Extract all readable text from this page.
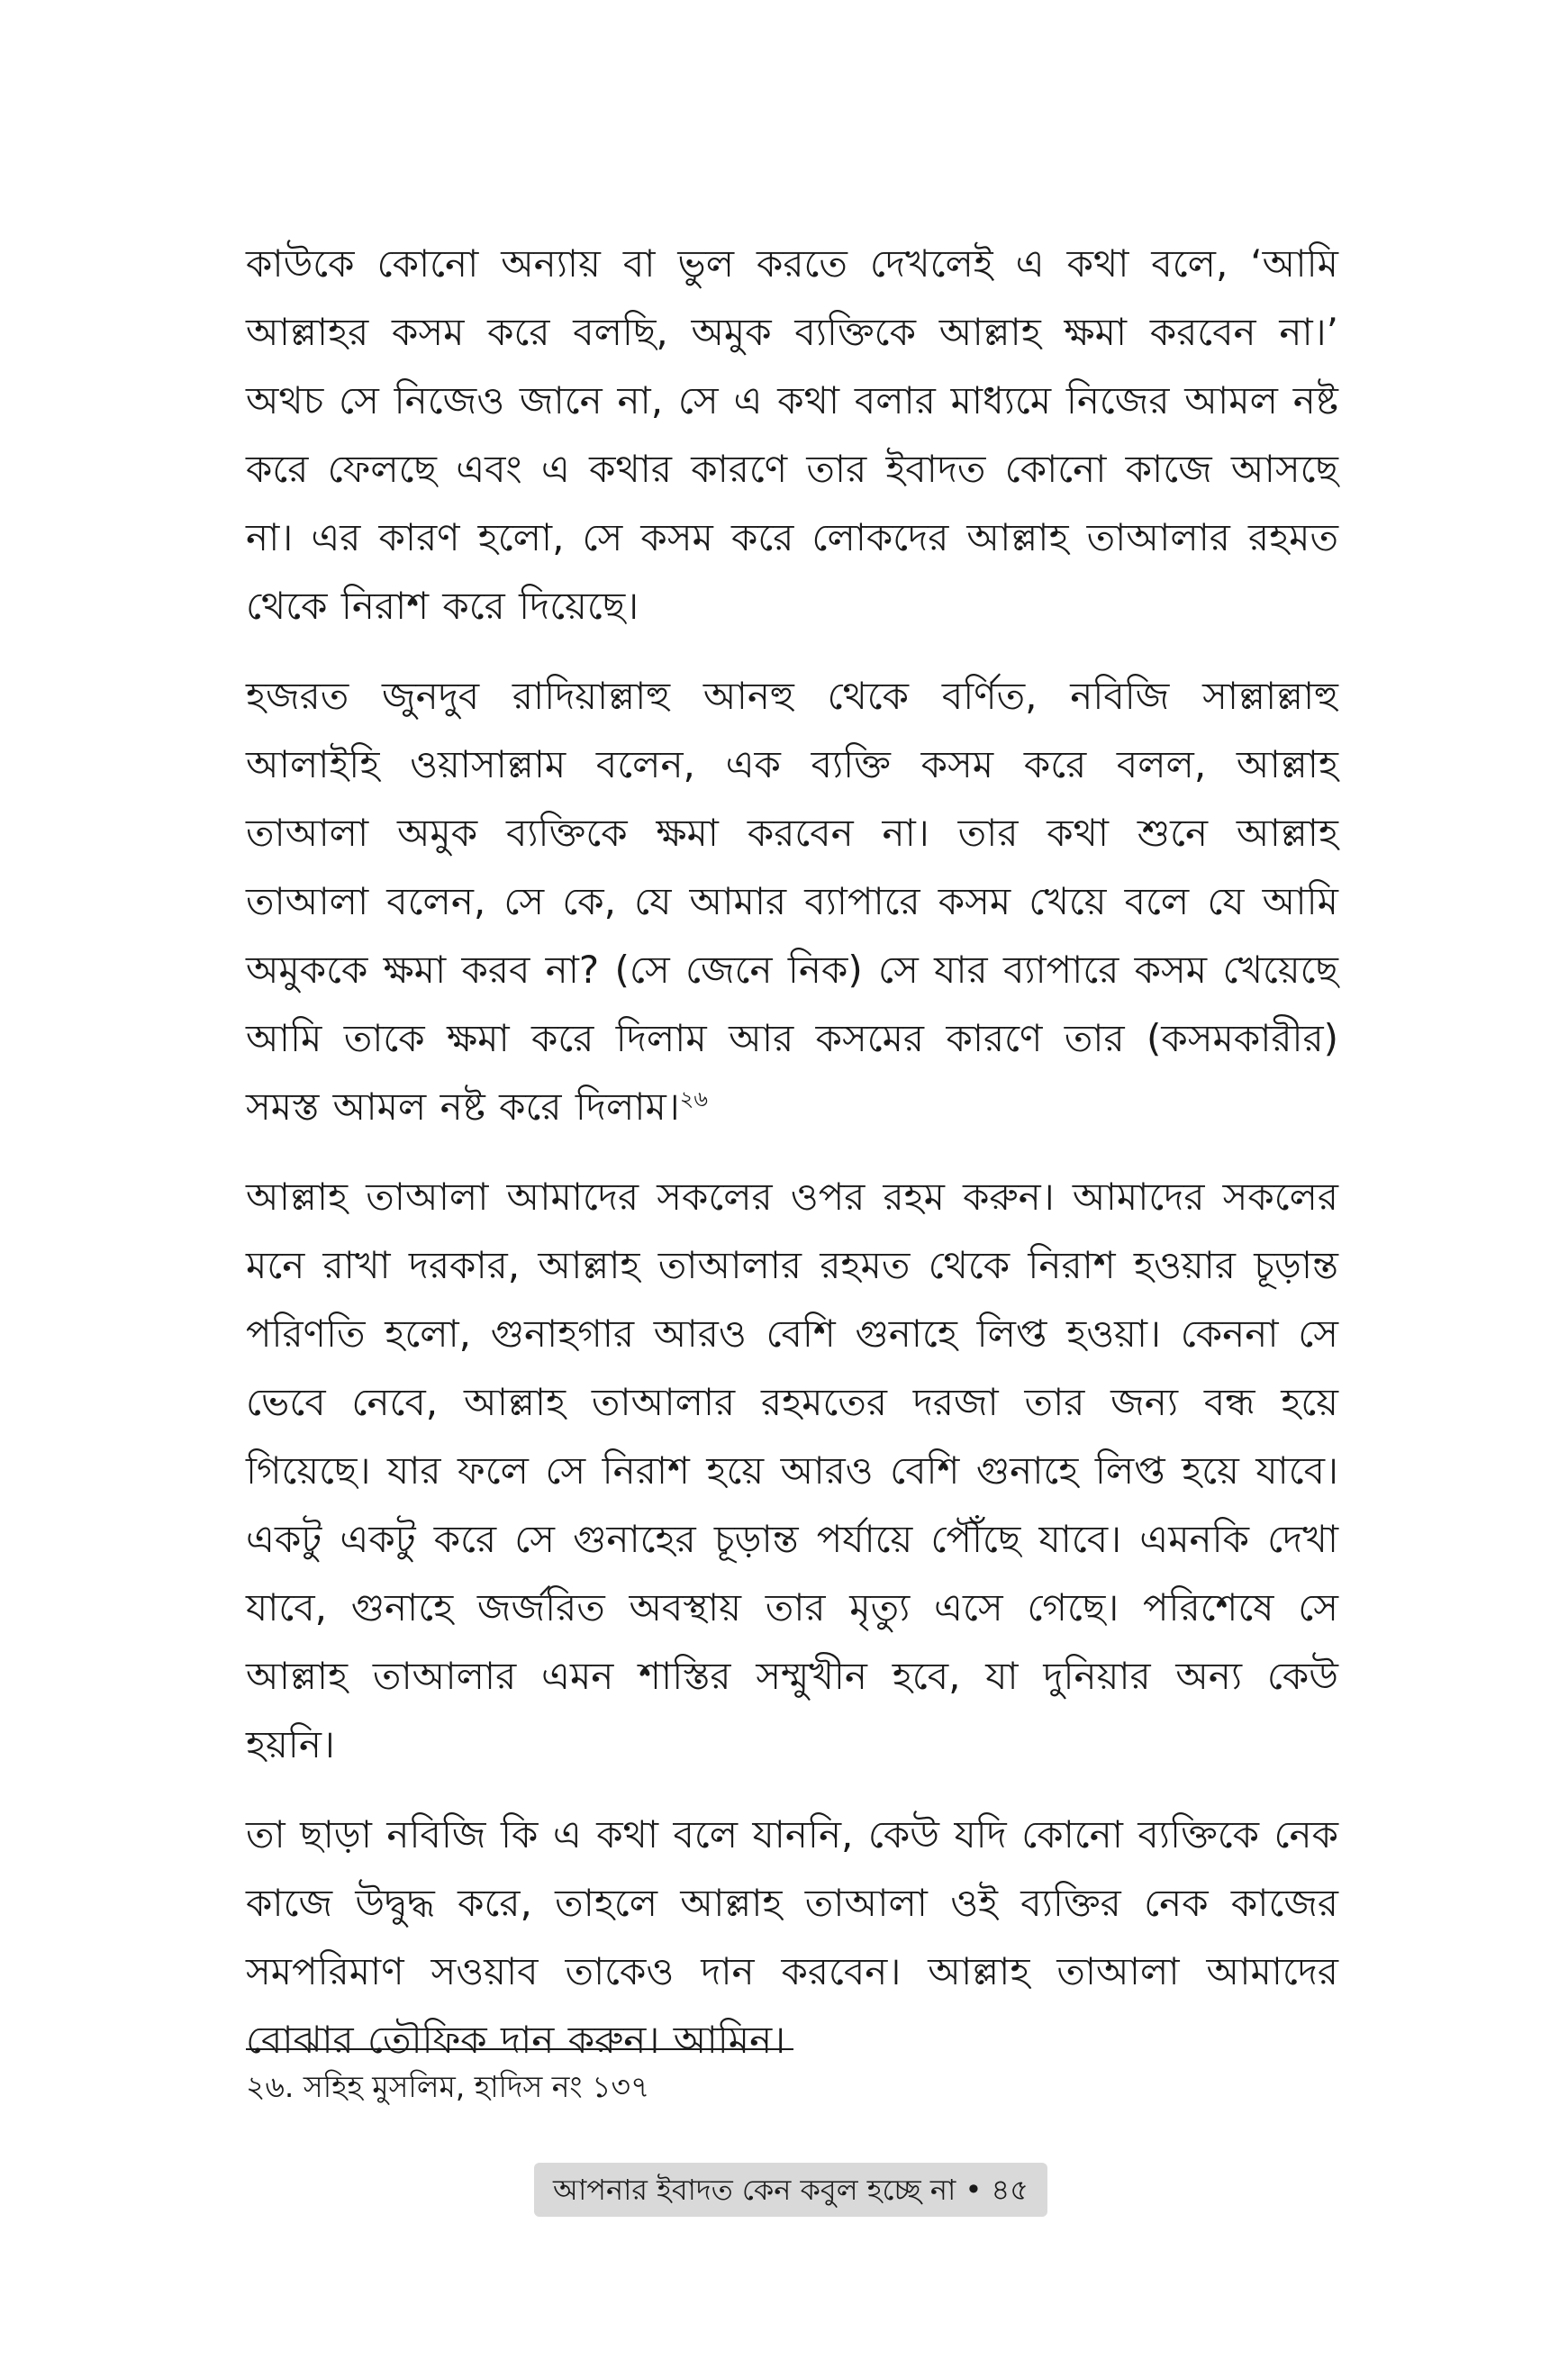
কাউকে কোনো অন্যায় বা ভুল করতে দেখলেই এ কথা বলে, ‘আমি আল্লাহর কসম করে বলছি, অমুক ব্যক্তিকে আল্লাহ ক্ষমা করবেন না।’ অথচ সে নিজেও জানে না, সে এ কথা বলার মাধ্যমে নিজের আমল নষ্ট করে ফেলছে এবং এ কথার কারণে তার ইবাদত কোনো কাজে আসছে না। এর কারণ হলো, সে কসম করে লোকদের আল্লাহ তাআলার রহমত থেকে নিরাশ করে দিয়েছে।

হজরত জুনদুব রাদিয়াল্লাহু আনহু থেকে বর্ণিত, নবিজি সাল্লাল্লাহু আলাইহি ওয়াসাল্লাম বলেন, এক ব্যক্তি কসম করে বলল, আল্লাহ তাআলা অমুক ব্যক্তিকে ক্ষমা করবেন না। তার কথা শুনে আল্লাহ তাআলা বলেন, সে কে, যে আমার ব্যাপারে কসম খেয়ে বলে যে আমি অমুককে ক্ষমা করব না? (সে জেনে নিক) সে যার ব্যাপারে কসম খেয়েছে আমি তাকে ক্ষমা করে দিলাম আর কসমের কারণে তার (কসমকারীর) সমস্ত আমল নষ্ট করে দিলাম।$^{২৬}$

আল্লাহ তাআলা আমাদের সকলের ওপর রহম করুন। আমাদের সকলের মনে রাখা দরকার, আল্লাহ তাআলার রহমত থেকে নিরাশ হওয়ার চূড়ান্ত পরিণতি হলো, গুনাহগার আরও বেশি গুনাহে লিপ্ত হওয়া। কেননা সে ভেবে নেবে, আল্লাহ তাআলার রহমতের দরজা তার জন্য বন্ধ হয়ে গিয়েছে। যার ফলে সে নিরাশ হয়ে আরও বেশি গুনাহে লিপ্ত হয়ে যাবে। একটু একটু করে সে গুনাহের চূড়ান্ত পর্যায়ে পৌঁছে যাবে। এমনকি দেখা যাবে, গুনাহে জর্জরিত অবস্থায় তার মৃত্যু এসে গেছে। পরিশেষে সে আল্লাহ তাআলার এমন শাস্তির সম্মুখীন হবে, যা দুনিয়ার অন্য কেউ হয়নি।

তা ছাড়া নবিজি কি এ কথা বলে যাননি, কেউ যদি কোনো ব্যক্তিকে নেক কাজে উদ্বুদ্ধ করে, তাহলে আল্লাহ তাআলা ওই ব্যক্তির নেক কাজের সমপরিমাণ সওয়াব তাকেও দান করবেন। আল্লাহ তাআলা আমাদের বোঝার তৌফিক দান করুন। আমিন।

২৬. সহিহ মুসলিম, হাদিস নং ১৩৭
আপনার ইবাদত কেন কবুল হচ্ছে না • ৪৫
